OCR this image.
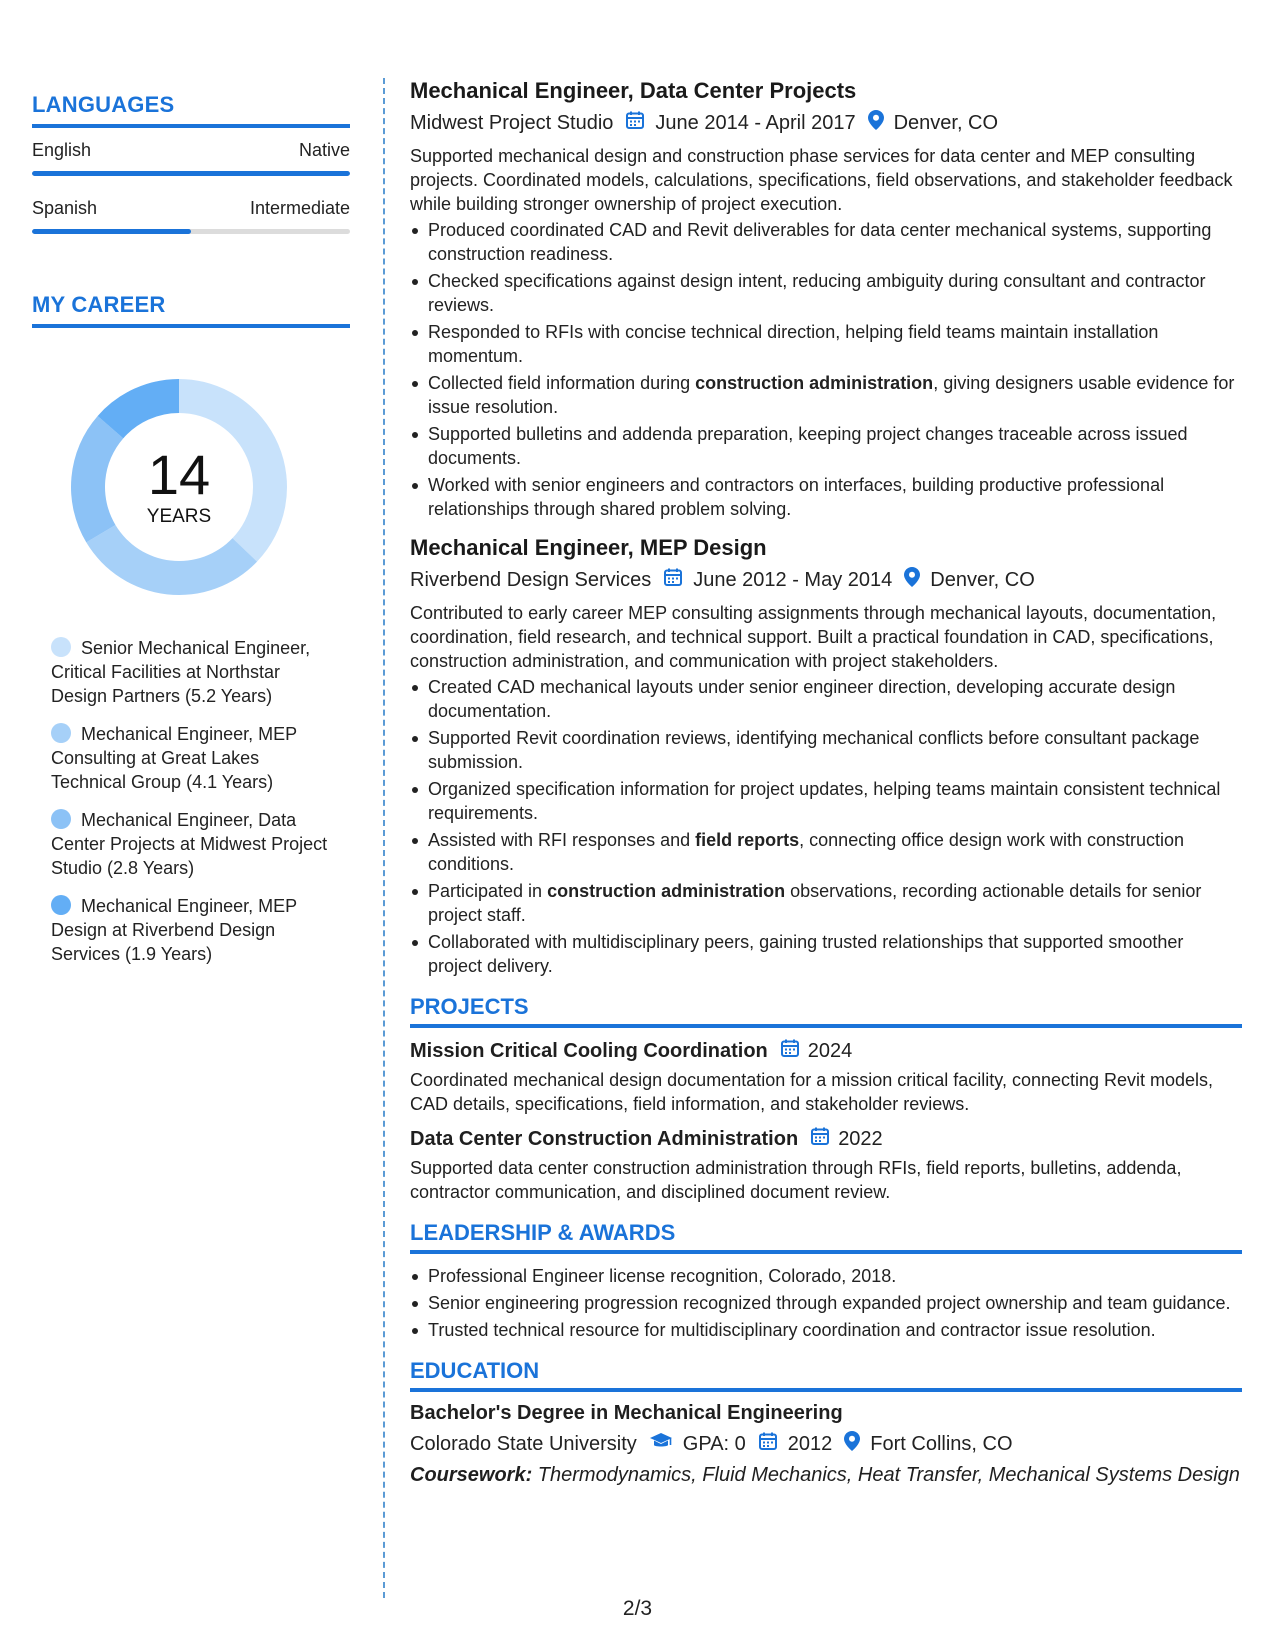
LANGUAGES
English	Native
Spanish	Intermediate
MY CAREER
14
YEARS
Senior Mechanical Engineer, Critical Facilities at Northstar Design Partners (5.2 Years)
Mechanical Engineer, MEP Consulting at Great Lakes Technical Group (4.1 Years)
Mechanical Engineer, Data Center Projects at Midwest Project Studio (2.8 Years)
Mechanical Engineer, MEP Design at Riverbend Design Services (1.9 Years)
Mechanical Engineer, Data Center Projects
Midwest Project Studio June 2014 - April 2017 Denver, CO
Supported mechanical design and construction phase services for data center and MEP consulting projects. Coordinated models, calculations, specifications, field observations, and stakeholder feedback while building stronger ownership of project execution.
Produced coordinated CAD and Revit deliverables for data center mechanical systems, supporting construction readiness.
Checked specifications against design intent, reducing ambiguity during consultant and contractor reviews.
Responded to RFIs with concise technical direction, helping field teams maintain installation momentum.
Collected field information during construction administration, giving designers usable evidence for issue resolution.
Supported bulletins and addenda preparation, keeping project changes traceable across issued documents.
Worked with senior engineers and contractors on interfaces, building productive professional relationships through shared problem solving.
Mechanical Engineer, MEP Design
Riverbend Design Services June 2012 - May 2014 Denver, CO
Contributed to early career MEP consulting assignments through mechanical layouts, documentation, coordination, field research, and technical support. Built a practical foundation in CAD, specifications, construction administration, and communication with project stakeholders.
Created CAD mechanical layouts under senior engineer direction, developing accurate design documentation.
Supported Revit coordination reviews, identifying mechanical conflicts before consultant package submission.
Organized specification information for project updates, helping teams maintain consistent technical requirements.
Assisted with RFI responses and field reports, connecting office design work with construction conditions.
Participated in construction administration observations, recording actionable details for senior project staff.
Collaborated with multidisciplinary peers, gaining trusted relationships that supported smoother project delivery.
PROJECTS
Mission Critical Cooling Coordination 2024
Coordinated mechanical design documentation for a mission critical facility, connecting Revit models, CAD details, specifications, field information, and stakeholder reviews.
Data Center Construction Administration 2022
Supported data center construction administration through RFIs, field reports, bulletins, addenda, contractor communication, and disciplined document review.
LEADERSHIP & AWARDS
Professional Engineer license recognition, Colorado, 2018.
Senior engineering progression recognized through expanded project ownership and team guidance.
Trusted technical resource for multidisciplinary coordination and contractor issue resolution.
EDUCATION
Bachelor's Degree in Mechanical Engineering
Colorado State University GPA: 0 2012 Fort Collins, CO
Coursework: Thermodynamics, Fluid Mechanics, Heat Transfer, Mechanical Systems Design
2/3
